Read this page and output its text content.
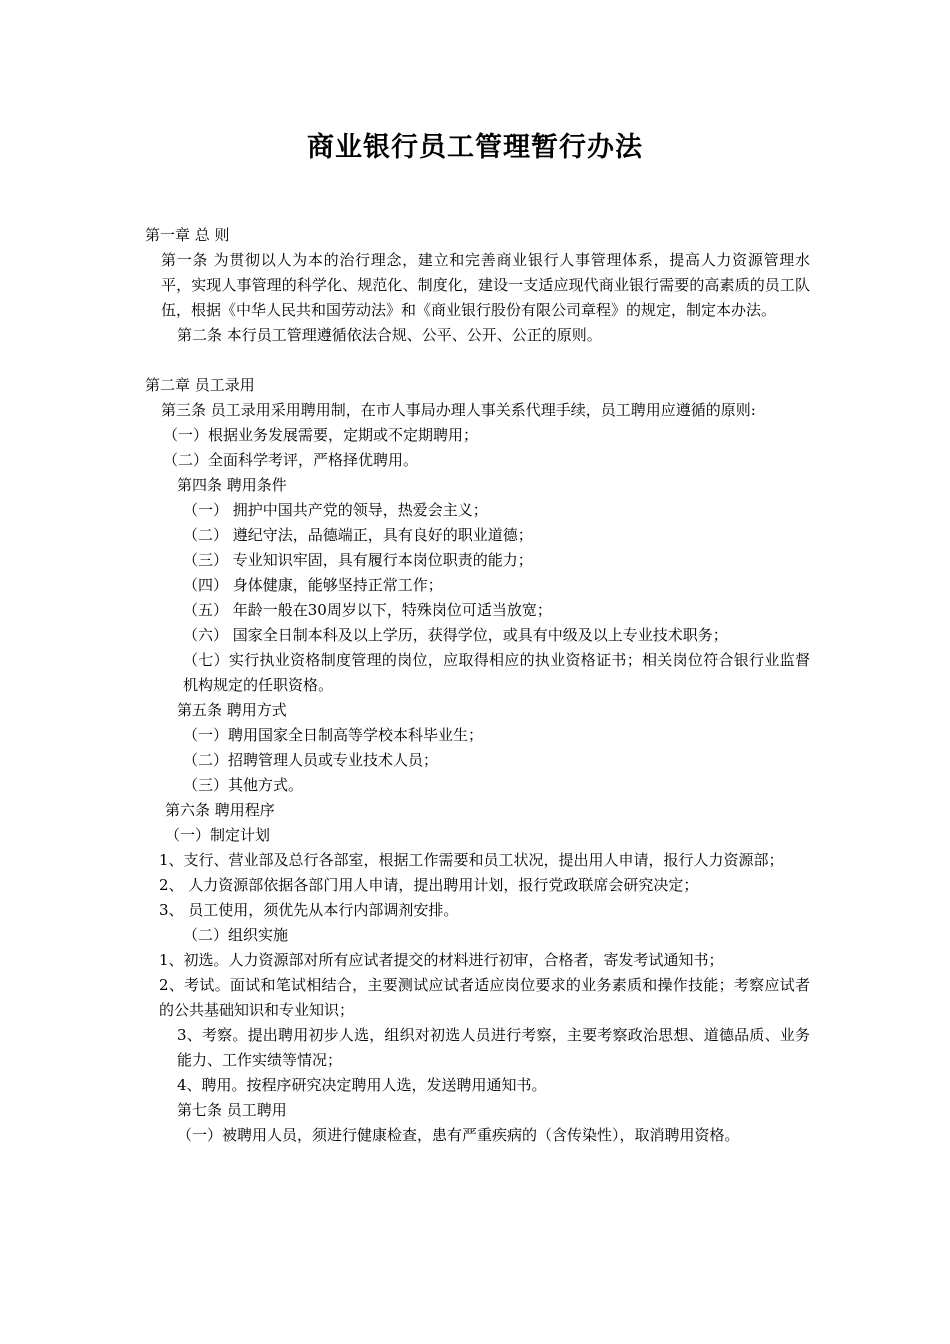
商业银行员工管理暂行办法
第一章 总 则
第一条 为贯彻以人为本的治行理念，建立和完善商业银行人事管理体系，提高人力资源管理水平，实现人事管理的科学化、规范化、制度化，建设一支适应现代商业银行需要的高素质的员工队伍，根据《中华人民共和国劳动法》和《商业银行股份有限公司章程》的规定，制定本办法。
第二条 本行员工管理遵循依法合规、公平、公开、公正的原则。
第二章 员工录用
第三条 员工录用采用聘用制，在市人事局办理人事关系代理手续，员工聘用应遵循的原则:
（一）根据业务发展需要，定期或不定期聘用；
（二）全面科学考评，严格择优聘用。
第四条 聘用条件
（一） 拥护中国共产党的领导，热爱会主义；
（二） 遵纪守法，品德端正，具有良好的职业道德；
（三） 专业知识牢固，具有履行本岗位职责的能力；
（四） 身体健康，能够坚持正常工作；
（五） 年龄一般在30周岁以下，特殊岗位可适当放宽；
（六） 国家全日制本科及以上学历，获得学位，或具有中级及以上专业技术职务；
（七）实行执业资格制度管理的岗位，应取得相应的执业资格证书；相关岗位符合银行业监督机构规定的任职资格。
第五条 聘用方式
（一）聘用国家全日制高等学校本科毕业生；
（二）招聘管理人员或专业技术人员；
（三）其他方式。
第六条 聘用程序
（一）制定计划
1、支行、营业部及总行各部室，根据工作需要和员工状况，提出用人申请，报行人力资源部；
2、 人力资源部依据各部门用人申请，提出聘用计划，报行党政联席会研究决定；
3、 员工使用，须优先从本行内部调剂安排。
（二）组织实施
1、初选。人力资源部对所有应试者提交的材料进行初审，合格者，寄发考试通知书；
2、考试。面试和笔试相结合，主要测试应试者适应岗位要求的业务素质和操作技能；考察应试者的公共基础知识和专业知识；
3、考察。提出聘用初步人选，组织对初选人员进行考察，主要考察政治思想、道德品质、业务能力、工作实绩等情况；
4、聘用。按程序研究决定聘用人选，发送聘用通知书。
第七条 员工聘用
（一）被聘用人员，须进行健康检查，患有严重疾病的（含传染性），取消聘用资格。
